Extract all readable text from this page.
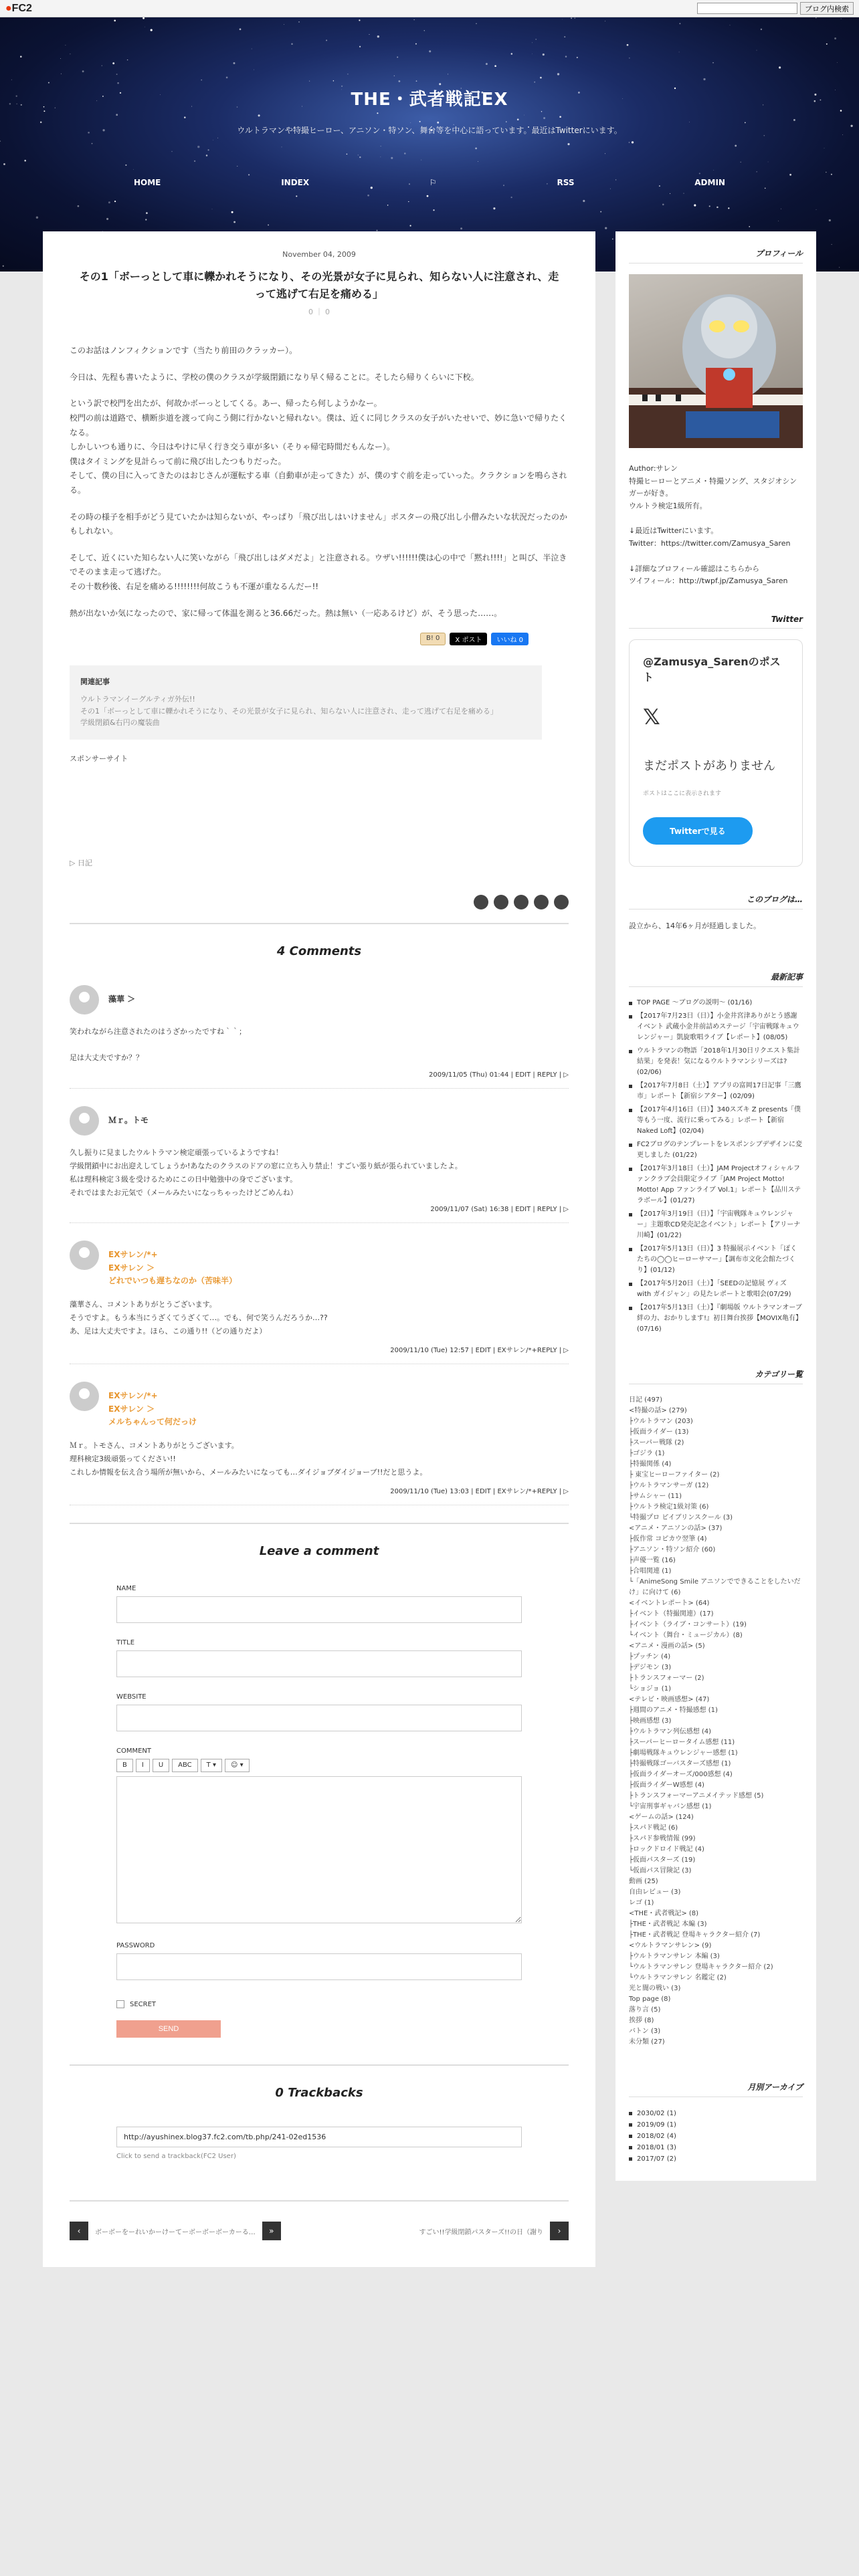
●FC2	ブログ内検索
THE・武者戦記EX
ウルトラマンや特撮ヒーロー、アニソン・特ソン、舞台等を中心に語っています。最近はTwitterにいます。
HOME	INDEX	⚐	RSS	ADMIN
November 04, 2009
その1「ボーっとして車に轢かれそうになり、その光景が女子に見られ、知らない人に注意され、走って逃げて右足を痛める」
0 ｜ 0

このお話はノンフィクションです（当たり前田のクラッカー）。

今日は、先程も書いたように、学校の僕のクラスが学級閉鎖になり早く帰ることに。そしたら帰りくらいに下校。

という訳で校門を出たが、何故かボーっとしてくる。あー、帰ったら何しようかなー。
校門の前は道路で、横断歩道を渡って向こう側に行かないと帰れない。僕は、近くに同じクラスの女子がいたせいで、妙に急いで帰りたくなる。
しかしいつも通りに、今日はやけに早く行き交う車が多い（そりゃ帰宅時間だもんなー）。
僕はタイミングを見計らって前に飛び出したつもりだった。
そして、僕の目に入ってきたのはおじさんが運転する車（自動車が走ってきた）が、僕のすぐ前を走っていった。クラクションを鳴らされる。

その時の様子を相手がどう見ていたかは知らないが、やっぱり「飛び出しはいけません」ポスターの飛び出し小僧みたいな状況だったのかもしれない。

そして、近くにいた知らない人に笑いながら「飛び出しはダメだよ」と注意される。ウザい!!!!!!僕は心の中で「黙れ!!!!」と叫び、半泣きでそのまま走って逃げた。
その十数秒後、右足を痛める!!!!!!!!何故こうも不運が重なるんだー!!

熱が出ないか気になったので、家に帰って体温を測ると36.66だった。熱は無い（一応あるけど）が、そう思った……。

B! 0	X ポスト	いいね 0
関連記事
ウルトラマンイーグルティガ外伝!!
その1「ボーっとして車に轢かれそうになり、その光景が女子に見られ、知らない人に注意され、走って逃げて右足を痛める」
学級閉鎖&右円の魔装曲
スポンサーサイト
▷ 日記
4 Comments
藻華 ＞
笑われながら注意されたのはうざかったですね｀｀；

足は大丈夫ですか？？
2009/11/05 (Thu) 01:44 | EDIT | REPLY | ▷
Ｍｒ。トモ
久し振りに見ましたウルトラマン検定頑張っているようですね！
学級閉鎖中にお出迎えしてしょうか!あなたのクラスのドアの窓に立ち入り禁止！すごい張り紙が張られていましたよ。
私は理科検定３級を受けるためにこの日中勉強中の身でございます。
それではまたお元気で（メールみたいになっちゃったけどごめんね）
2009/11/07 (Sat) 16:38 | EDIT | REPLY | ▷
EXサレン/*+
EXサレン ＞
どれでいつも遅ちなのか（苦味半）
藻華さん、コメントありがとうございます。
そうですよ。もう本当にうざくてうざくて…。でも、何で笑うんだろうか…??
あ、足は大丈夫ですよ。ほら、この通り!!（どの通りだよ）
2009/11/10 (Tue) 12:57 | EDIT | EXサレン/*+REPLY | ▷
EXサレン/*+
EXサレン ＞
メルちゃんって何だっけ
Ｍｒ。トモさん、コメントありがとうございます。
理科検定3級頑張ってください!!
これしか情報を伝え合う場所が無いから、メールみたいになっても…ダイジョブダイジョーブ!!だと思うよ。
2009/11/10 (Tue) 13:03 | EDIT | EXサレン/*+REPLY | ▷
Leave a comment
NAME
TITLE
WEBSITE
COMMENT
B	I	U	ABC	T ▾	☺ ▾
PASSWORD
SECRET
SEND
0 Trackbacks
http://ayushinex.blog37.fc2.com/tb.php/241-02ed1536
Click to send a trackback(FC2 User)
‹	ボーボーをーれいかーけーてーボーボーボーカーる…	»	すごい!!学級閉鎖パスターズ!!の日（謝り	›
プロフィール
Author:サレン
特撮ヒーローとアニメ・特撮ソング、スタジオシンガーが好き。
ウルトラ検定1級所有。

↓最近はTwitterにいます。
Twitter：https://twitter.com/Zamusya_Saren

↓詳細なプロフィール確認はこちらから
ツイフィール：http://twpf.jp/Zamusya_Saren
Twitter
@Zamusya_Sarenのポスト
𝕏
まだポストがありません
ポストはここに表示されます
Twitterで見る
このブログは…
設立から、14年6ヶ月が経過しました。
最新記事
TOP PAGE 〜ブログの説明〜 (01/16)
【2017年7月23日（日）】小金井宮津ありがとう感謝イベント 武蔵小金井前詰めステージ「宇宙戦隊キュウレンジャー」凱旋歌唱ライブ【レポート】(08/05)
ウルトラマンの物語「2018年1月30日リクエスト集計結果」を発表！気になるウルトラマンシリーズは?(02/06)
【2017年7月8日（土）】アプリの富岡17日記事「三鷹市」レポート【新宿シアター】(02/09)
【2017年4月16日（日）】340スズキ Z presents「僕等もう一度、流行に乗ってみる」レポート【新宿Naked Loft】(02/04)
FC2ブログのテンプレートをレスポンシブデザインに変更しました (01/22)
【2017年3月18日（土）】JAM Projectオフィシャルファンクラブ会員限定ライブ「JAM Project Motto! Motto! App ファンライブ Vol.1」レポート【品川ステラボール】(01/27)
【2017年3月19日（日）】「宇宙戦隊キュウレンジャー」主題歌CD発売記念イベント」レポート【アリーナ川崎】(01/22)
【2017年5月13日（日）】3 特撮展示イベント「ぽくたちの◯◯ヒーローサマー」【調布市文化会館たづくり】(01/12)
【2017年5月20日（土）】「SEEDの記憶展 ヴィズ with ガイジャン」の見たレポートと歌唱会(07/29)
【2017年5月13日（土）】『劇場版 ウルトラマンオーブ 絆の力、おかりします!』初日舞台挨拶【MOVIX亀有】(07/16)
カテゴリー覧
日記 (497)
<特撮の話> (279)
├ウルトラマン (203)
├仮面ライダー (13)
├スーパー戦隊 (2)
├ゴジラ (1)
├特撮関係 (4)
├ 東宝ヒーローファイター (2)
├ウルトラマンサーガ (12)
├サムシャー (11)
├ウルトラ検定1級対策 (6)
└特撮プロ ピイブリンスクール (3)
<アニメ・アニソンの話> (37)
├仮作常 コピカウ翌筆 (4)
├アニソン・特ソン紹介 (60)
├声優一覧 (16)
├合唱関連 (1)
└「AnimeSong Smile アニソンでできることをしたいだけ」に向けて (6)
<イベントレポート> (64)
├イベント（特撮関連）(17)
├イベント（ライブ・コンサート）(19)
└イベント（舞台・ミュージカル）(8)
<アニメ・漫画の話> (5)
├プッチン (4)
├デジモン (3)
├トランスフォーマー (2)
└ショジョ (1)
<テレビ・映画感想> (47)
├週間のアニメ・特撮感想 (1)
├映画感想 (3)
├ウルトラマン列伝感想 (4)
├スーパーヒーロータイム感想 (11)
├劇場戦隊キュウレンジャー感想 (1)
├特撮戦隊ゴーバスターズ感想 (1)
├仮面ライダーオーズ/000感想 (4)
├仮面ライダーW感想 (4)
├トランスフォーマーアニメイテッド感想 (5)
└宇宙刑事ギャバン感想 (1)
<ゲームの話> (124)
├スパド戦記 (6)
├スパド参戦情報 (99)
├ロックドロイド戦記 (4)
├仮面パスターズ (19)
└仮面パス冒険記 (3)
動画 (25)
自由レビュー (3)
レゴ (1)
<THE・武者戦記> (8)
├THE・武者戦記 本編 (3)
├THE・武者戦記 登場キャラクター紹介 (7)
<ウルトラマンサレン> (9)
├ウルトラマンサレン 本編 (3)
└ウルトラマンサレン 登場キャラクター紹介 (2)
└ウルトラマンサレン 名鑑定 (2)
光と闇の戦い (3)
Top page (8)
落り言 (5)
挨拶 (8)
バトン (3)
未分類 (27)
月別アーカイブ
2030/02 (1)
2019/09 (1)
2018/02 (4)
2018/01 (3)
2017/07 (2)
